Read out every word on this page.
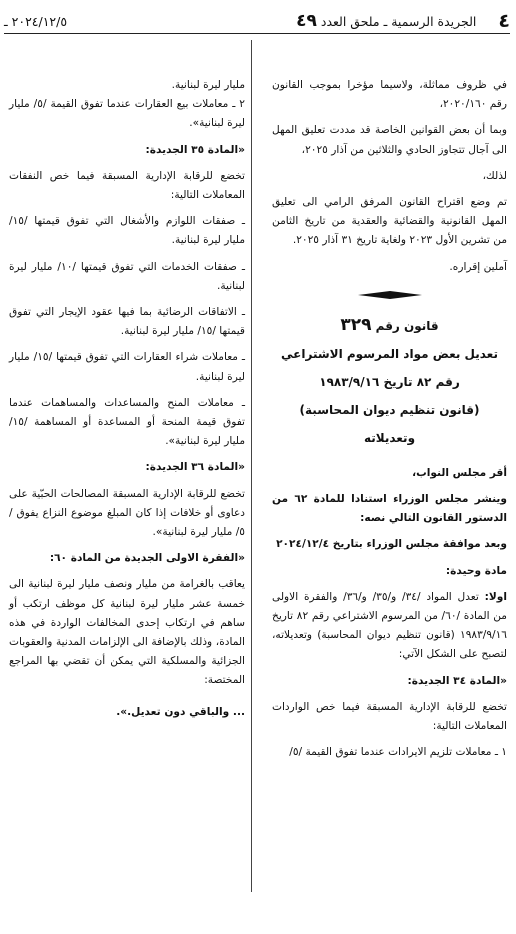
٤
الجريدة الرسمية ـ ملحق العدد ٤٩
٢٠٢٤/١٢/٥ ـ

في ظروف مماثلة، ولاسيما مؤخرا بموجب القانون رقم ٢٠٢٠/١٦٠،

وبما أن بعض القوانين الخاصة قد مددت تعليق المهل الى آجال تتجاوز الحادي والثلاثين من آذار ٢٠٢٥،

لذلك،

تم وضع اقتراح القانون المرفق الرامي الى تعليق المهل القانونية والقضائية والعقدية من تاريخ الثامن من تشرين الأول ٢٠٢٣ ولغاية تاريخ ٣١ آذار ٢٠٢٥.

آملين إقراره.

قانون رقم ٣٢٩

تعديل بعض مواد المرسوم الاشتراعي

رقم ٨٢ تاريخ ١٩٨٣/٩/١٦

(قانون تنظيم ديوان المحاسبة) وتعديلاته

أقر مجلس النواب،

وينشر مجلس الوزراء استنادا للمادة ٦٢ من الدستور القانون التالي نصه:

وبعد موافقة مجلس الوزراء بتاريخ ٢٠٢٤/١٢/٤

مادة وحيدة:

اولا: تعدل المواد /٣٤/ و/٣٥/ و/٣٦/ والفقرة الاولى من المادة /٦٠/ من المرسوم الاشتراعي رقم ٨٢ تاريخ ١٩٨٣/٩/١٦ (قانون تنظيم ديوان المحاسبة) وتعديلاته، لتصبح على الشكل الآتي:

«المادة ٣٤ الجديدة:

تخضع للرقابة الإدارية المسبقة فيما خص الواردات المعاملات التالية:

١ ـ معاملات تلزيم الايرادات عندما تفوق القيمة /٥/

مليار ليرة لبنانية.

٢ ـ معاملات بيع العقارات عندما تفوق القيمة /٥/ مليار ليرة لبنانية».

«المادة ٣٥ الجديدة:

تخضع للرقابة الإدارية المسبقة فيما خص النفقات المعاملات التالية:

ـ صفقات اللوازم والأشغال التي تفوق قيمتها /١٥/ مليار ليرة لبنانية.

ـ صفقات الخدمات التي تفوق قيمتها /١٠/ مليار ليرة لبنانية.

ـ الاتفاقات الرضائية بما فيها عقود الإيجار التي تفوق قيمتها /١٥/ مليار ليرة لبنانية.

ـ معاملات شراء العقارات التي تفوق قيمتها /١٥/ مليار ليرة لبنانية.

ـ معاملات المنح والمساعدات والمساهمات عندما تفوق قيمة المنحة أو المساعدة أو المساهمة /١٥/ مليار ليرة لبنانية».

«المادة ٣٦ الجديدة:

تخضع للرقابة الإدارية المسبقة المصالحات الحبّية على دعاوى أو خلافات إذا كان المبلغ موضوع النزاع يفوق /٥/ مليار ليرة لبنانية».

«الفقرة الاولى الجديدة من المادة ٦٠:

يعاقب بالغرامة من مليار ونصف مليار ليرة لبنانية الى خمسة عشر مليار ليرة لبنانية كل موظف ارتكب أو ساهم في ارتكاب إحدى المخالفات الواردة في هذه المادة، وذلك بالإضافة الى الإلزامات المدنية والعقوبات الجزائية والمسلكية التي يمكن أن تقضي بها المراجع المختصة:

... والباقي دون تعديل.».
